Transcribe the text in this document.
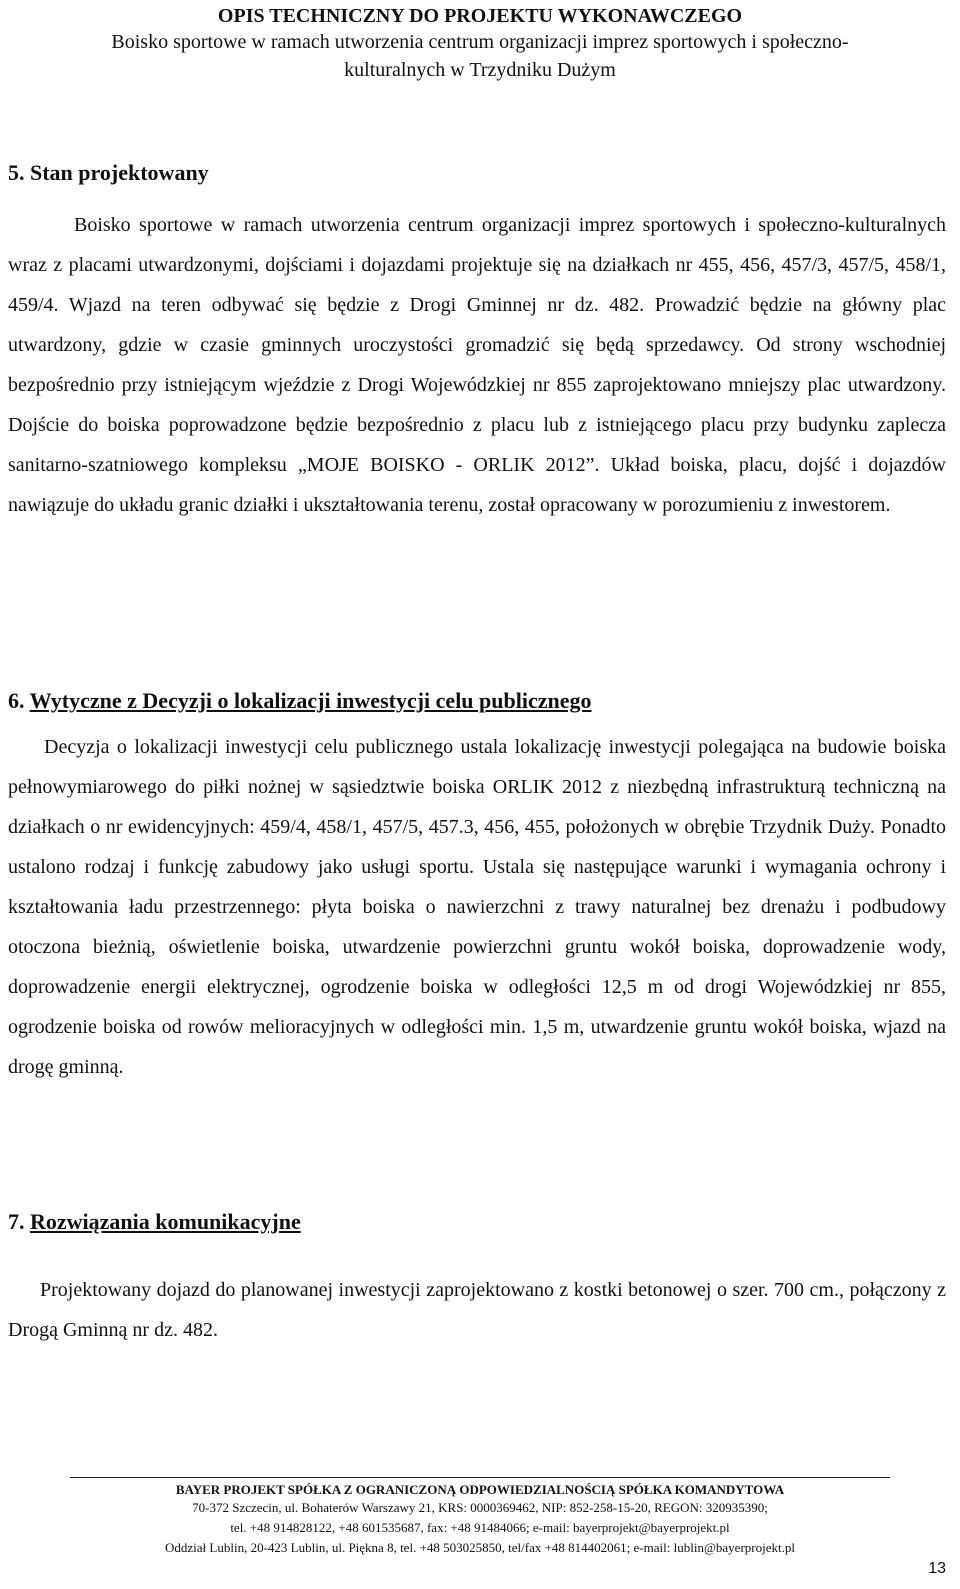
OPIS TECHNICZNY DO PROJEKTU WYKONAWCZEGO
Boisko sportowe w ramach utworzenia centrum organizacji imprez sportowych i społeczno-
kulturalnych w Trzydniku Dużym
5. Stan projektowany

Boisko sportowe w ramach utworzenia centrum organizacji imprez sportowych i społeczno-kulturalnych wraz z placami utwardzonymi, dojściami i dojazdami projektuje się na działkach nr 455, 456, 457/3, 457/5, 458/1, 459/4. Wjazd na teren odbywać się będzie z Drogi Gminnej nr dz. 482. Prowadzić będzie na główny plac utwardzony, gdzie w czasie gminnych uroczystości gromadzić się będą sprzedawcy. Od strony wschodniej bezpośrednio przy istniejącym wjeździe z Drogi Wojewódzkiej nr 855 zaprojektowano mniejszy plac utwardzony. Dojście do boiska poprowadzone będzie bezpośrednio z placu lub z istniejącego placu przy budynku zaplecza sanitarno-szatniowego kompleksu „MOJE BOISKO - ORLIK 2012”. Układ boiska, placu, dojść i dojazdów nawiązuje do układu granic działki i ukształtowania terenu, został opracowany w porozumieniu z inwestorem.

6. Wytyczne z Decyzji o lokalizacji inwestycji celu publicznego

Decyzja o lokalizacji inwestycji celu publicznego ustala lokalizację inwestycji polegająca na budowie boiska pełnowymiarowego do piłki nożnej w sąsiedztwie boiska ORLIK 2012 z niezbędną infrastrukturą techniczną na działkach o nr ewidencyjnych: 459/4, 458/1, 457/5, 457.3, 456, 455, położonych w obrębie Trzydnik Duży. Ponadto ustalono rodzaj i funkcję zabudowy jako usługi sportu. Ustala się następujące warunki i wymagania ochrony i kształtowania ładu przestrzennego: płyta boiska o nawierzchni z trawy naturalnej bez drenażu i podbudowy otoczona bieżnią, oświetlenie boiska, utwardzenie powierzchni gruntu wokół boiska, doprowadzenie wody, doprowadzenie energii elektrycznej, ogrodzenie boiska w odległości 12,5 m od drogi Wojewódzkiej nr 855, ogrodzenie boiska od rowów melioracyjnych w odległości min. 1,5 m, utwardzenie gruntu wokół boiska, wjazd na drogę gminną.

7. Rozwiązania komunikacyjne

Projektowany dojazd do planowanej inwestycji zaprojektowano z kostki betonowej o szer. 700 cm., połączony z Drogą Gminną nr dz. 482.

BAYER PROJEKT SPÓŁKA Z OGRANICZONĄ ODPOWIEDZIALNOŚCIĄ SPÓŁKA KOMANDYTOWA
70-372 Szczecin, ul. Bohaterów Warszawy 21, KRS: 0000369462, NIP: 852-258-15-20, REGON: 320935390;
tel. +48 914828122, +48 601535687, fax: +48 91484066; e-mail: bayerprojekt@bayerprojekt.pl
Oddział Lublin, 20-423 Lublin, ul. Piękna 8, tel. +48 503025850, tel/fax +48 814402061; e-mail: lublin@bayerprojekt.pl
13
